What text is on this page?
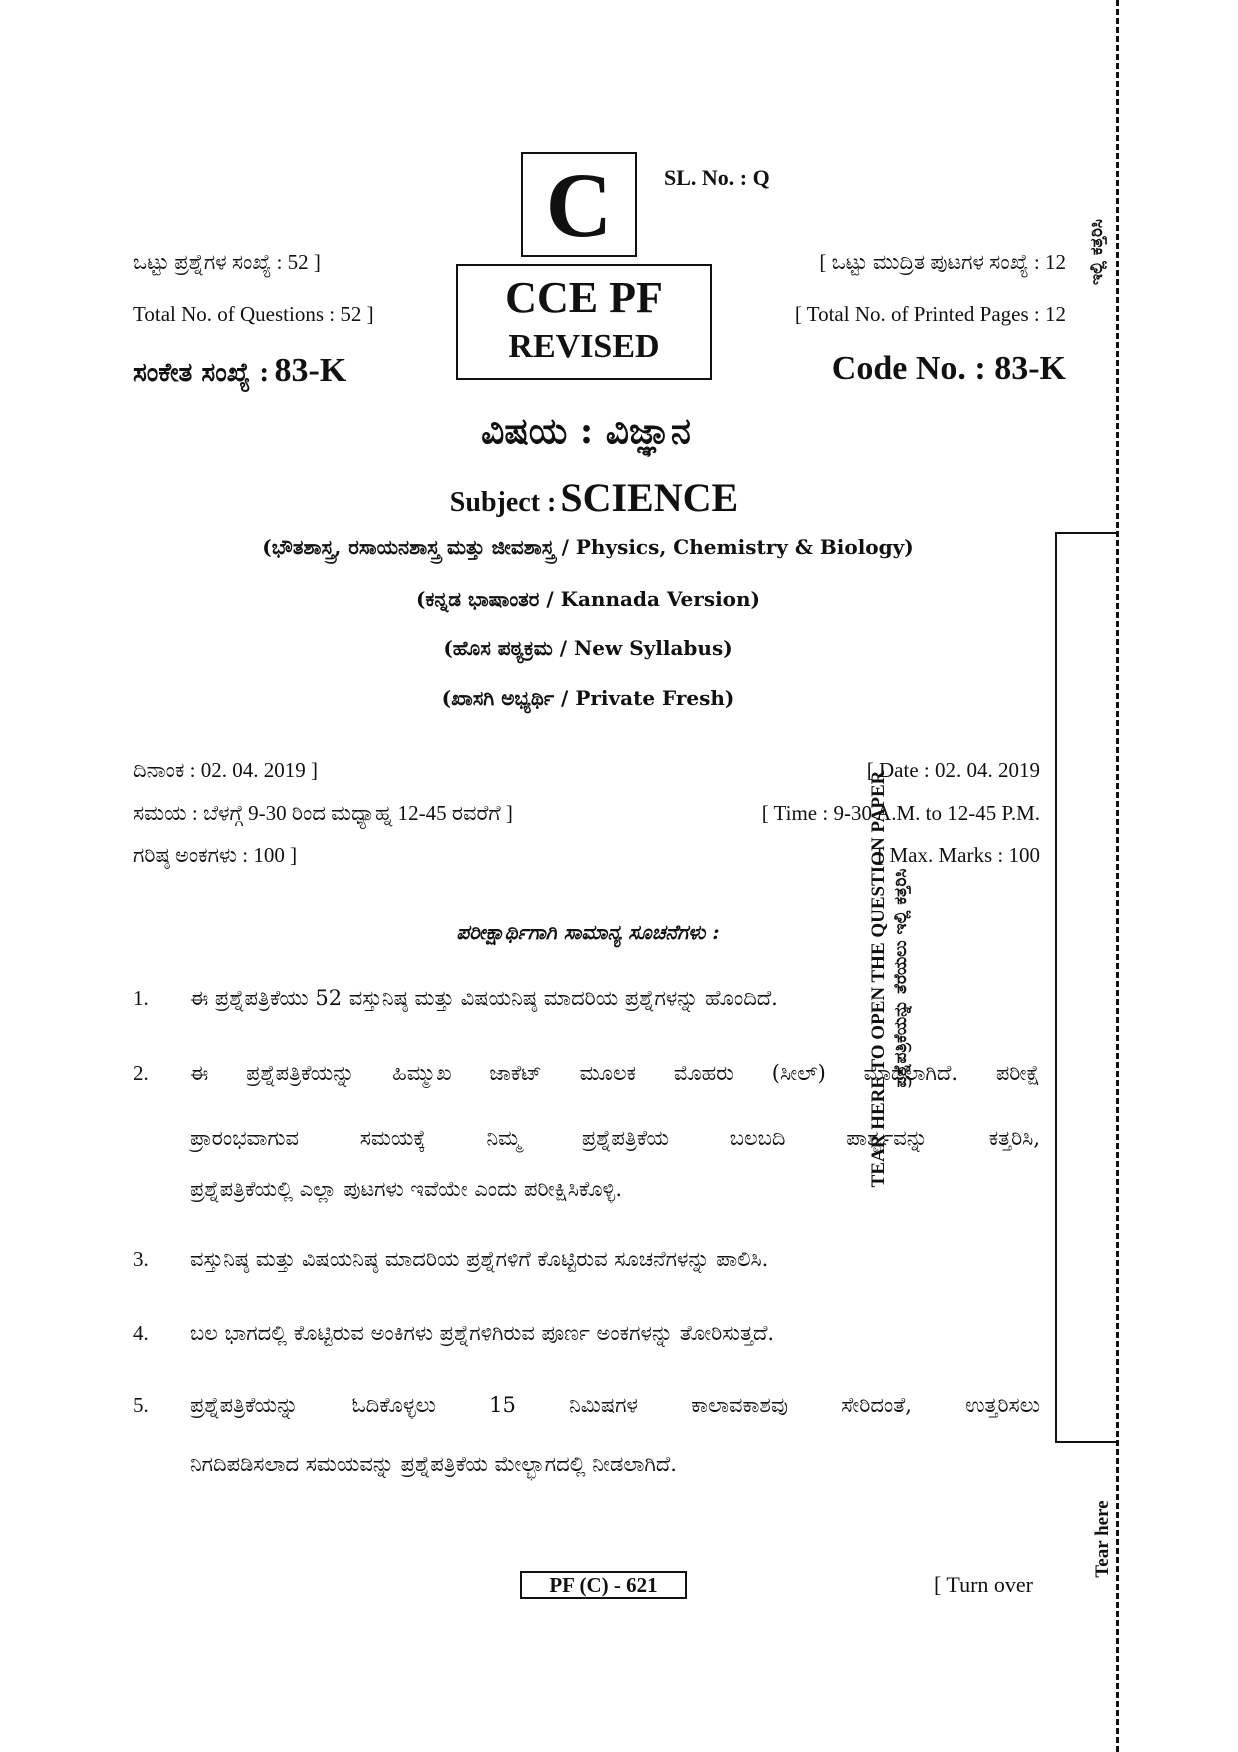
C SL. No. : Q
CCE PF
REVISED
ಒಟ್ಟು ಪ್ರಶ್ನೆಗಳ ಸಂಖ್ಯೆ : 52 ]
Total No. of Questions : 52 ]
ಸಂಕೇತ ಸಂಖ್ಯೆ : 83-K
[ ಒಟ್ಟು ಮುದ್ರಿತ ಪುಟಗಳ ಸಂಖ್ಯೆ : 12
[ Total No. of Printed Pages : 12
Code No. : 83-K
ವಿಷಯ : ವಿಜ್ಞಾನ
Subject : SCIENCE
(ಭೌತಶಾಸ್ತ್ರ, ರಸಾಯನಶಾಸ್ತ್ರ ಮತ್ತು ಜೀವಶಾಸ್ತ್ರ / Physics, Chemistry & Biology)
(ಕನ್ನಡ ಭಾಷಾಂತರ / Kannada Version)
(ಹೊಸ ಪಠ್ಯಕ್ರಮ / New Syllabus)
(ಖಾಸಗಿ ಅಭ್ಯರ್ಥಿ / Private Fresh)
ದಿನಾಂಕ : 02. 04. 2019 ]	[ Date : 02. 04. 2019
ಸಮಯ : ಬೆಳಗ್ಗೆ 9-30 ರಿಂದ ಮಧ್ಯಾಹ್ನ 12-45 ರವರೆಗೆ ]	[ Time : 9-30 A.M. to 12-45 P.M.
ಗರಿಷ್ಠ ಅಂಕಗಳು : 100 ]	[ Max. Marks : 100
ಪರೀಕ್ಷಾರ್ಥಿಗಾಗಿ ಸಾಮಾನ್ಯ ಸೂಚನೆಗಳು :
1. ಈ ಪ್ರಶ್ನೆಪತ್ರಿಕೆಯು 52 ವಸ್ತುನಿಷ್ಠ ಮತ್ತು ವಿಷಯನಿಷ್ಠ ಮಾದರಿಯ ಪ್ರಶ್ನೆಗಳನ್ನು ಹೊಂದಿದೆ.
2. ಈ ಪ್ರಶ್ನೆಪತ್ರಿಕೆಯನ್ನು ಹಿಮ್ಮುಖ ಜಾಕೆಟ್ ಮೂಲಕ ಮೊಹರು (ಸೀಲ್) ಮಾಡಲಾಗಿದೆ. ಪರೀಕ್ಷೆ
ಪ್ರಾರಂಭವಾಗುವ ಸಮಯಕ್ಕೆ ನಿಮ್ಮ ಪ್ರಶ್ನೆಪತ್ರಿಕೆಯ ಬಲಬದಿ ಪಾರ್ಶ್ವವನ್ನು ಕತ್ತರಿಸಿ,
ಪ್ರಶ್ನೆಪತ್ರಿಕೆಯಲ್ಲಿ ಎಲ್ಲಾ ಪುಟಗಳು ಇವೆಯೇ ಎಂದು ಪರೀಕ್ಷಿಸಿಕೊಳ್ಳಿ.
3. ವಸ್ತುನಿಷ್ಠ ಮತ್ತು ವಿಷಯನಿಷ್ಠ ಮಾದರಿಯ ಪ್ರಶ್ನೆಗಳಿಗೆ ಕೊಟ್ಟಿರುವ ಸೂಚನೆಗಳನ್ನು ಪಾಲಿಸಿ.
4. ಬಲ ಭಾಗದಲ್ಲಿ ಕೊಟ್ಟಿರುವ ಅಂಕಿಗಳು ಪ್ರಶ್ನೆಗಳಿಗಿರುವ ಪೂರ್ಣ ಅಂಕಗಳನ್ನು ತೋರಿಸುತ್ತದೆ.
5. ಪ್ರಶ್ನೆಪತ್ರಿಕೆಯನ್ನು ಓದಿಕೊಳ್ಳಲು 15 ನಿಮಿಷಗಳ ಕಾಲಾವಕಾಶವು ಸೇರಿದಂತೆ, ಉತ್ತರಿಸಲು
ನಿಗದಿಪಡಿಸಲಾದ ಸಮಯವನ್ನು ಪ್ರಶ್ನೆಪತ್ರಿಕೆಯ ಮೇಲ್ಭಾಗದಲ್ಲಿ ನೀಡಲಾಗಿದೆ.
PF (C) - 621	[ Turn over
ಇಲ್ಲಿ ಕತ್ತರಿಸಿ
TEAR HERE TO OPEN THE QUESTION PAPER ಪ್ರಶ್ನೆಪತ್ರಿಕೆಯನ್ನು ತೆರೆಯಲು ಇಲ್ಲಿ ಕತ್ತರಿಸಿ
Tear here
